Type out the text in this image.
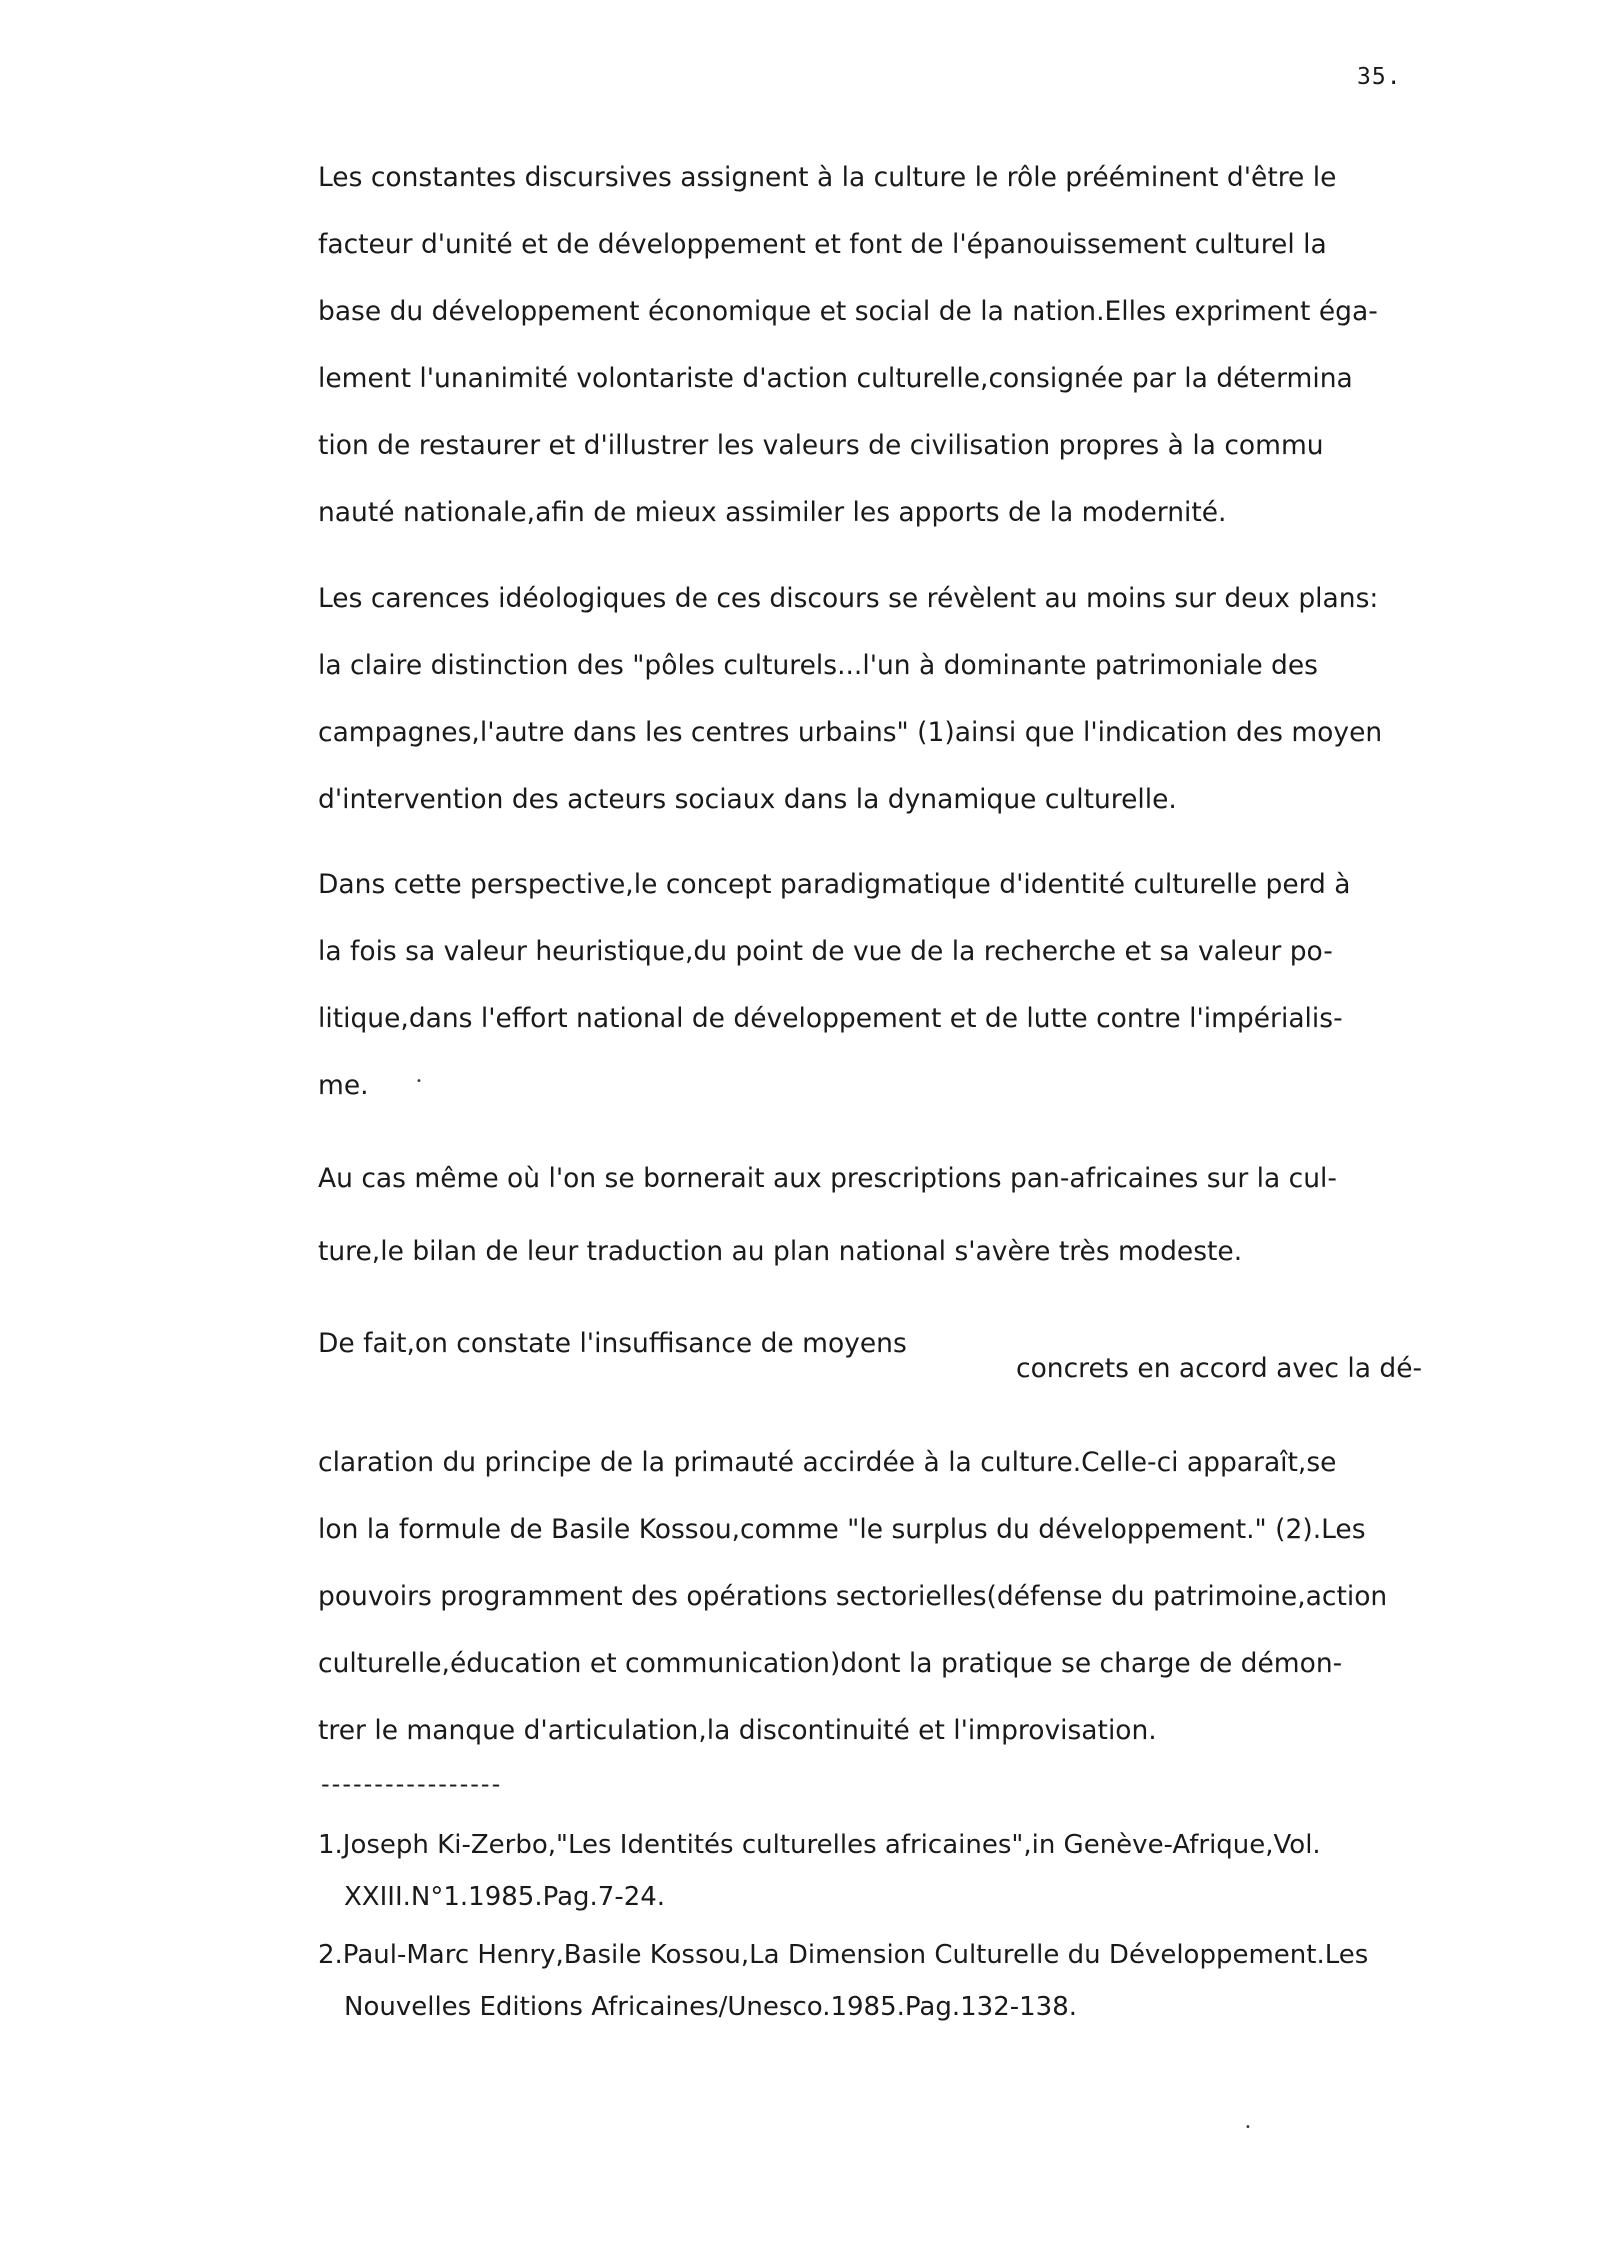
35.
Les constantes discursives assignent à la culture le rôle prééminent d'être le
facteur d'unité et de développement et font de l'épanouissement culturel la
base du développement économique et social de la nation.Elles expriment éga-
lement l'unanimité volontariste d'action culturelle,consignée par la détermina
tion de restaurer et d'illustrer les valeurs de civilisation propres à la commu
nauté nationale,afin de mieux assimiler les apports de la modernité.
Les carences idéologiques de ces discours se révèlent au moins sur deux plans:
la claire distinction des "pôles culturels...l'un à dominante patrimoniale des
campagnes,l'autre dans les centres urbains" (1)ainsi que l'indication des moyen
d'intervention des acteurs sociaux dans la dynamique culturelle.
Dans cette perspective,le concept paradigmatique d'identité culturelle perd à
la fois sa valeur heuristique,du point de vue de la recherche et sa valeur po-
litique,dans l'effort national de développement et de lutte contre l'impérialis-
me.
Au cas même où l'on se bornerait aux prescriptions pan-africaines sur la cul-
ture,le bilan de leur traduction au plan national s'avère très modeste.
De fait,on constate l'insuffisance de moyens
concrets en accord avec la dé-
claration du principe de la primauté accirdée à la culture.Celle-ci apparaît,se
lon la formule de Basile Kossou,comme "le surplus du développement." (2).Les
pouvoirs programment des opérations sectorielles(défense du patrimoine,action
culturelle,éducation et communication)dont la pratique se charge de démon-
trer le manque d'articulation,la discontinuité et l'improvisation.
-----------------
1.Joseph Ki-Zerbo,"Les Identités culturelles africaines",in Genève-Afrique,Vol.
XXIII.N°1.1985.Pag.7-24.
2.Paul-Marc Henry,Basile Kossou,La Dimension Culturelle du Développement.Les
Nouvelles Editions Africaines/Unesco.1985.Pag.132-138.
•
•
